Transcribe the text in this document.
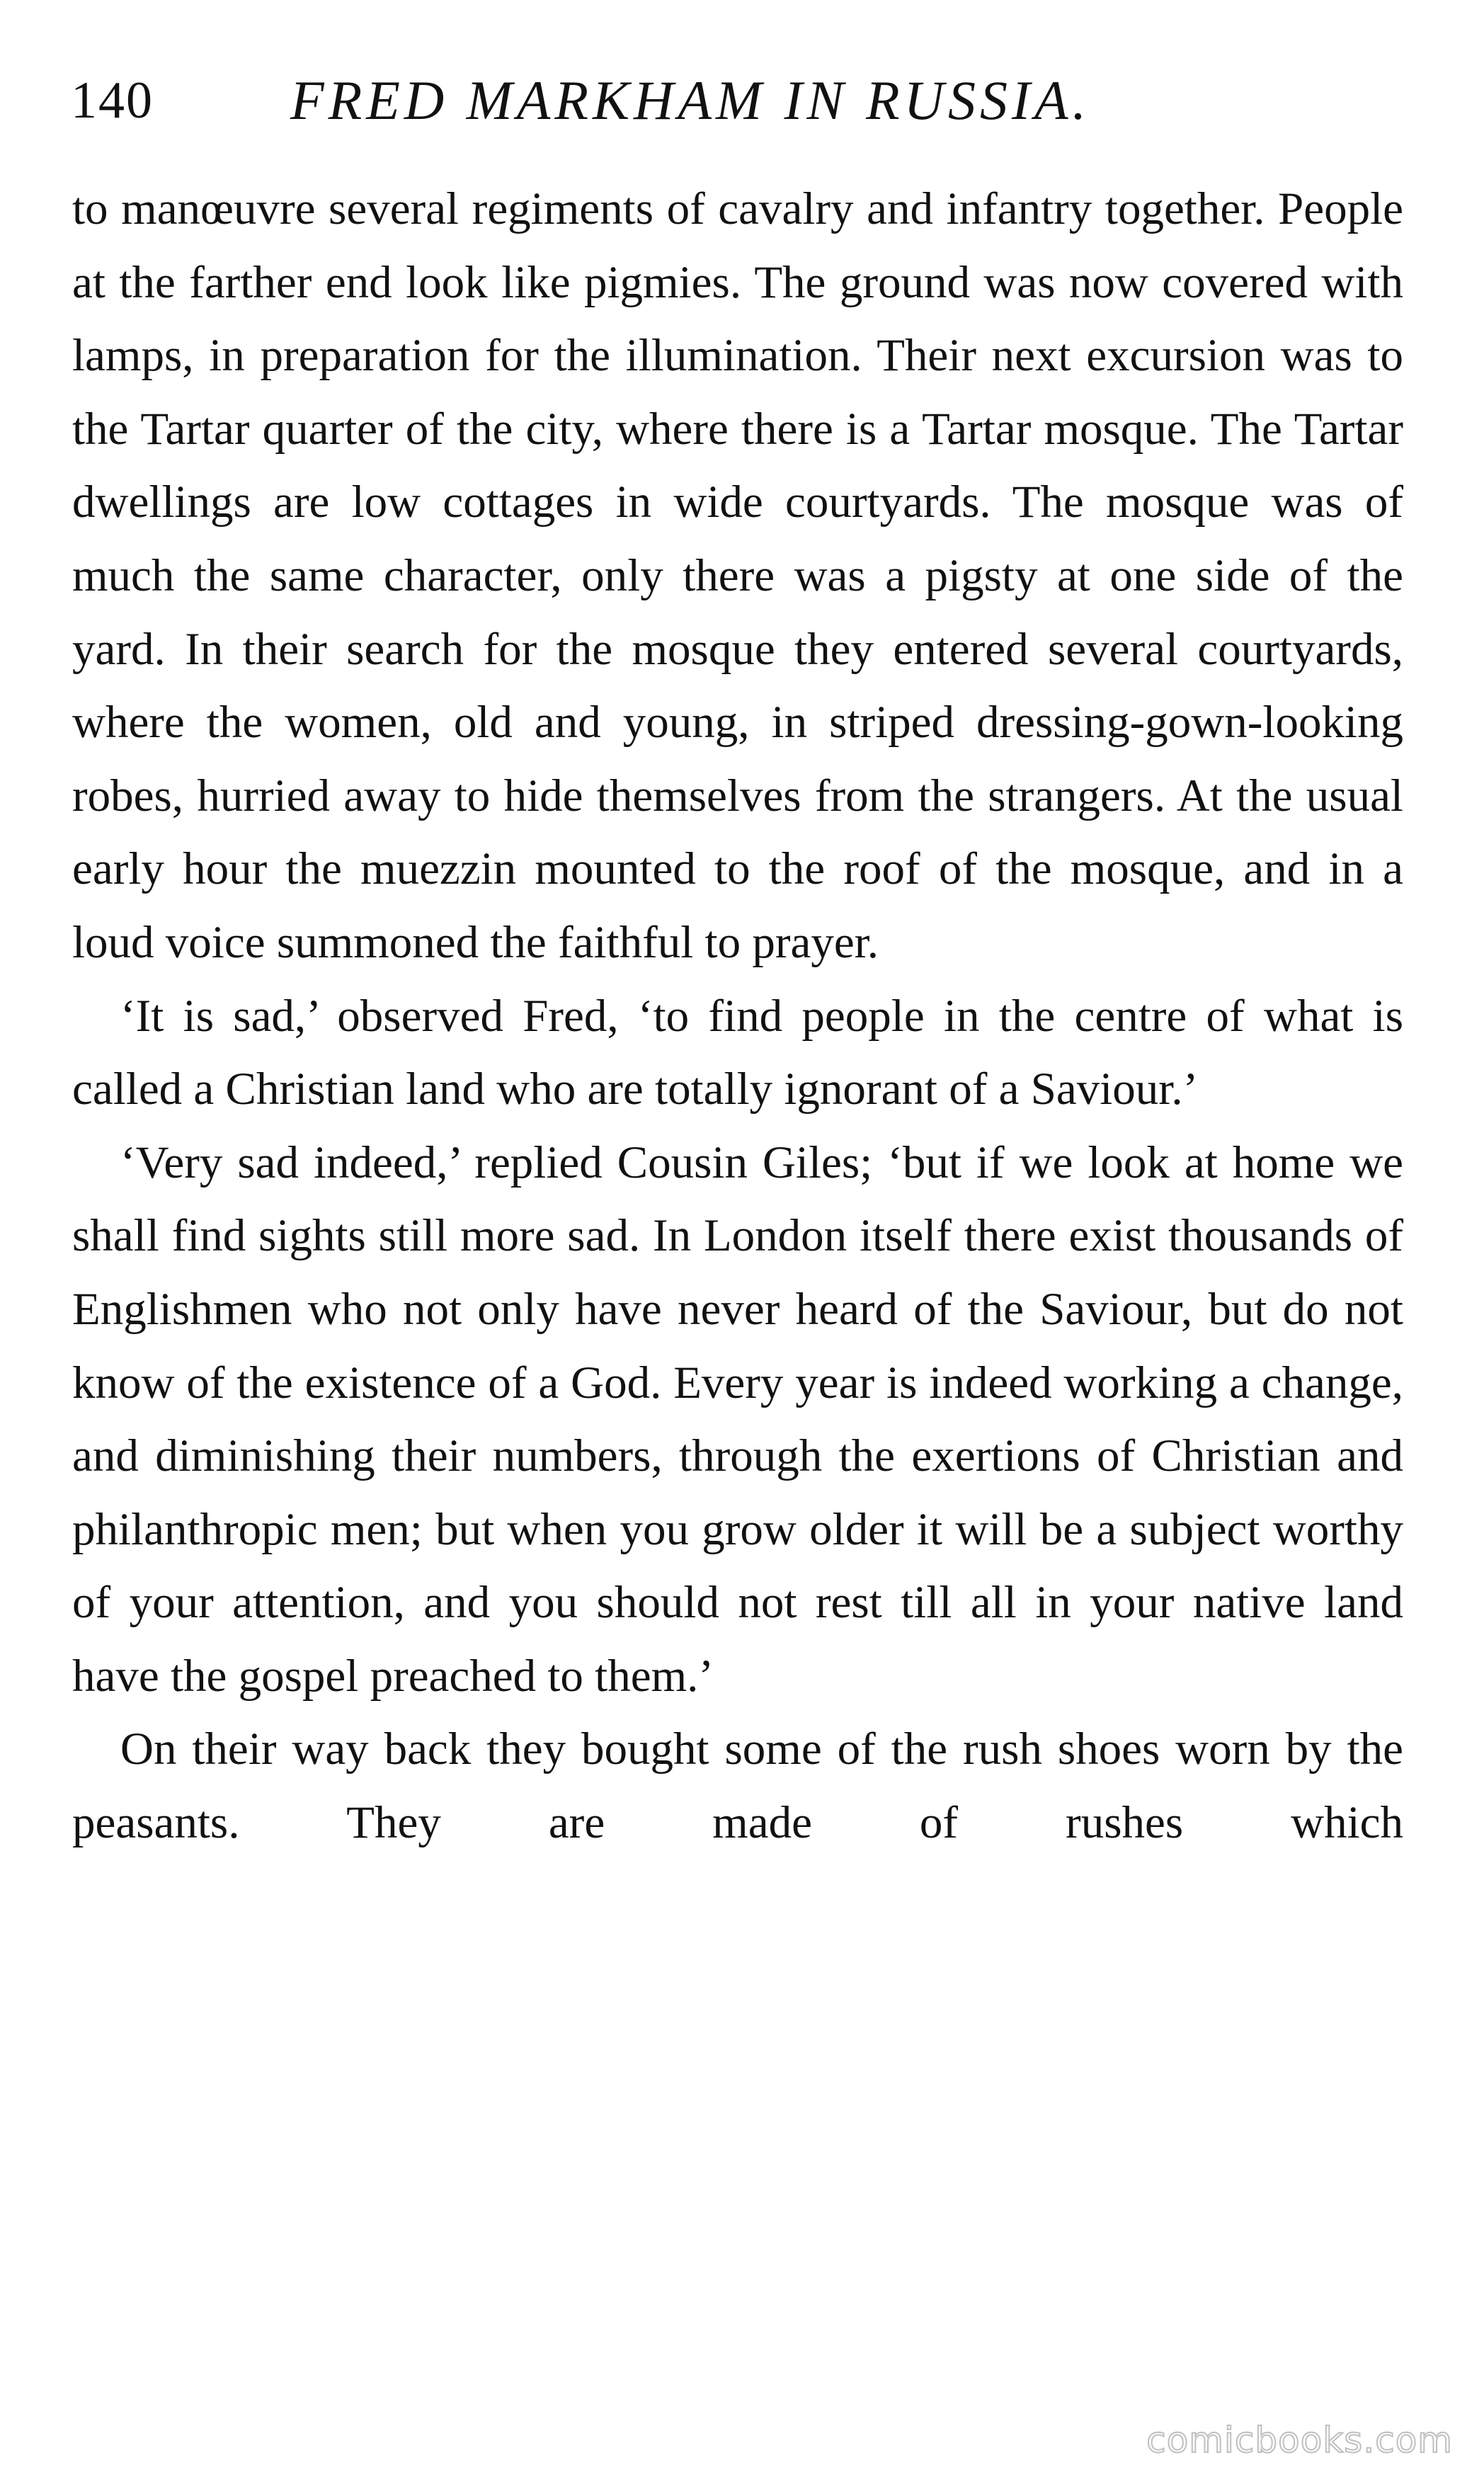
140 FRED MARKHAM IN RUSSIA.

to manœuvre several regiments of cavalry and infantry together. People at the farther end look like pigmies. The ground was now covered with lamps, in preparation for the illumination. Their next excursion was to the Tartar quarter of the city, where there is a Tartar mosque. The Tartar dwellings are low cottages in wide courtyards. The mosque was of much the same character, only there was a pigsty at one side of the yard. In their search for the mosque they entered several courtyards, where the women, old and young, in striped dressing-gown-looking robes, hurried away to hide themselves from the strangers. At the usual early hour the muezzin mounted to the roof of the mosque, and in a loud voice summoned the faithful to prayer.

‘It is sad,’ observed Fred, ‘to find people in the centre of what is called a Christian land who are totally ignorant of a Saviour.’

‘Very sad indeed,’ replied Cousin Giles; ‘but if we look at home we shall find sights still more sad. In London itself there exist thousands of Englishmen who not only have never heard of the Saviour, but do not know of the existence of a God. Every year is indeed working a change, and diminishing their numbers, through the exertions of Christian and philanthropic men; but when you grow older it will be a subject worthy of your attention, and you should not rest till all in your native land have the gospel preached to them.’

On their way back they bought some of the rush shoes worn by the peasants. They are made of rushes which

comicbooks.com
